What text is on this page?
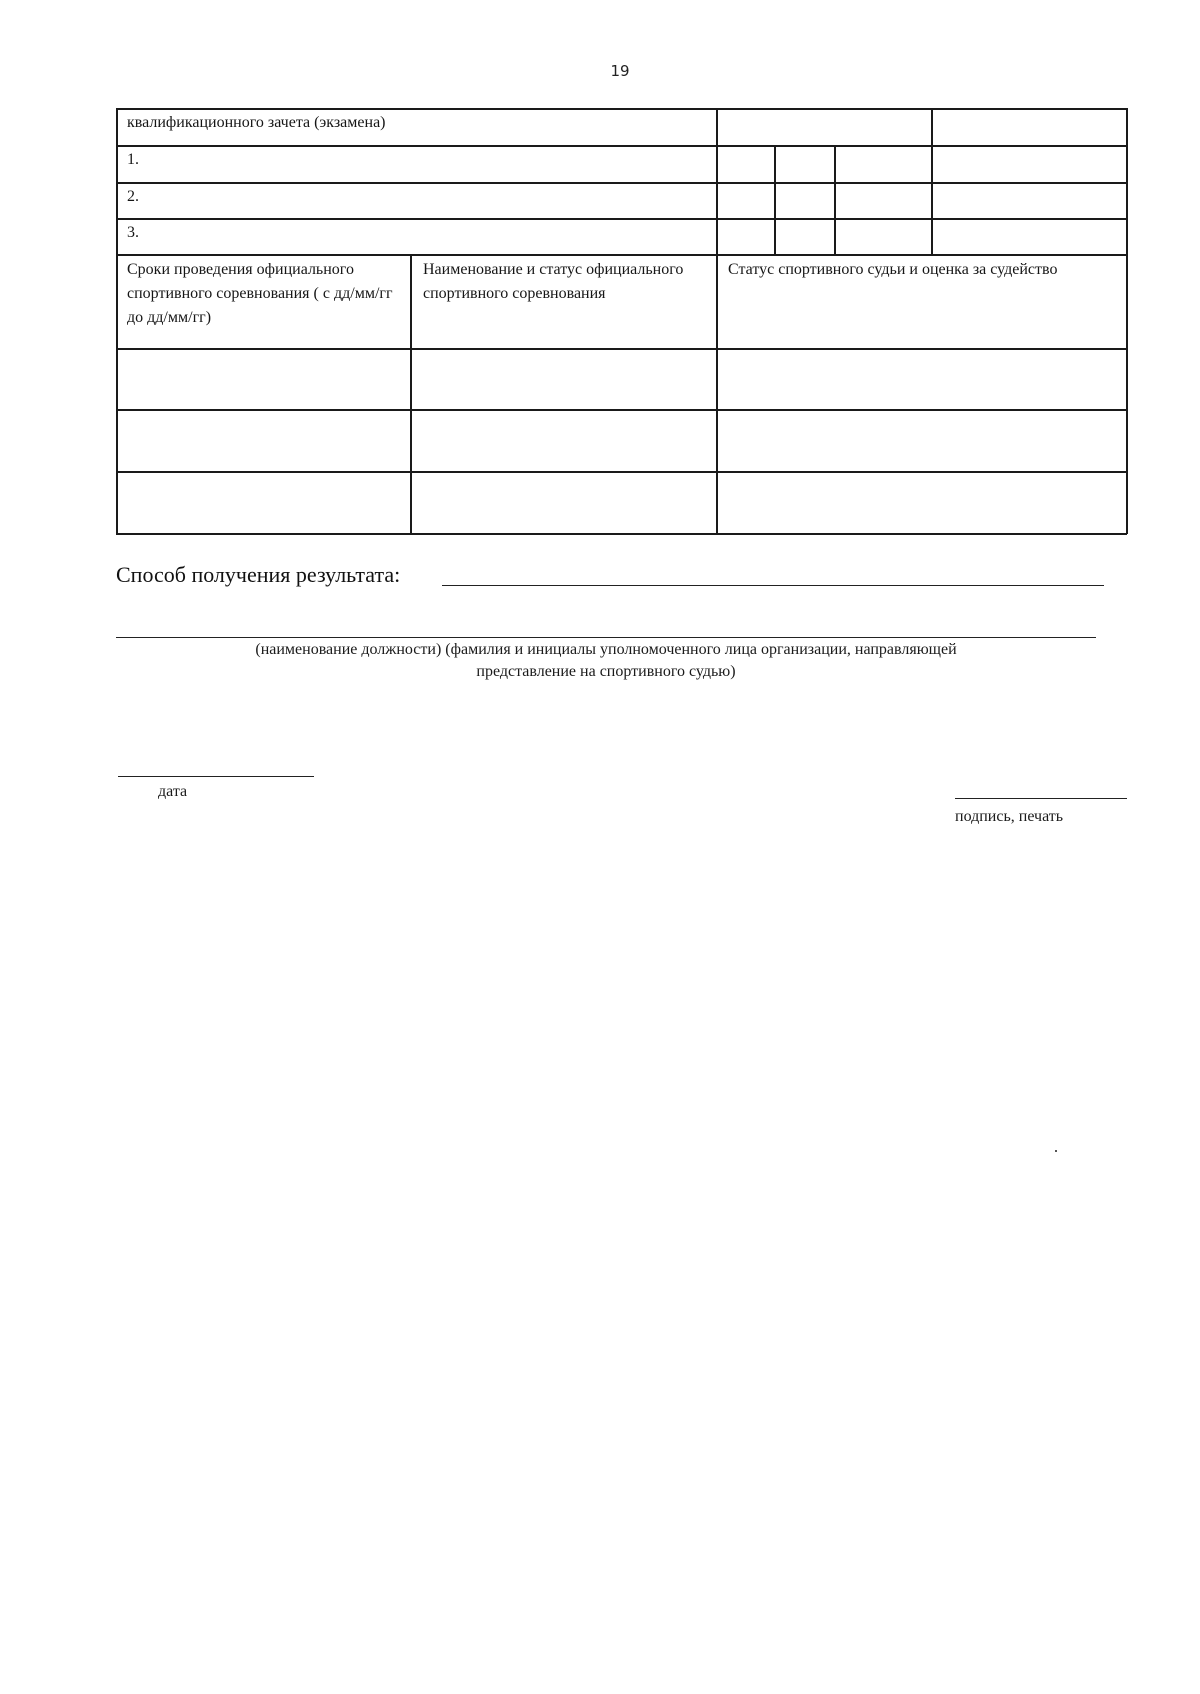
19
квалификационного зачета (экзамена)
1.
2.
3.
Сроки проведения официального спортивного соревнования ( с дд/мм/гг до дд/мм/гг)
Наименование и статус официального спортивного соревнования
Статус спортивного судьи и оценка за судейство
Способ получения результата:
(наименование должности) (фамилия и инициалы уполномоченного лица организации, направляющей
представление на спортивного судью)
дата
подпись, печать
